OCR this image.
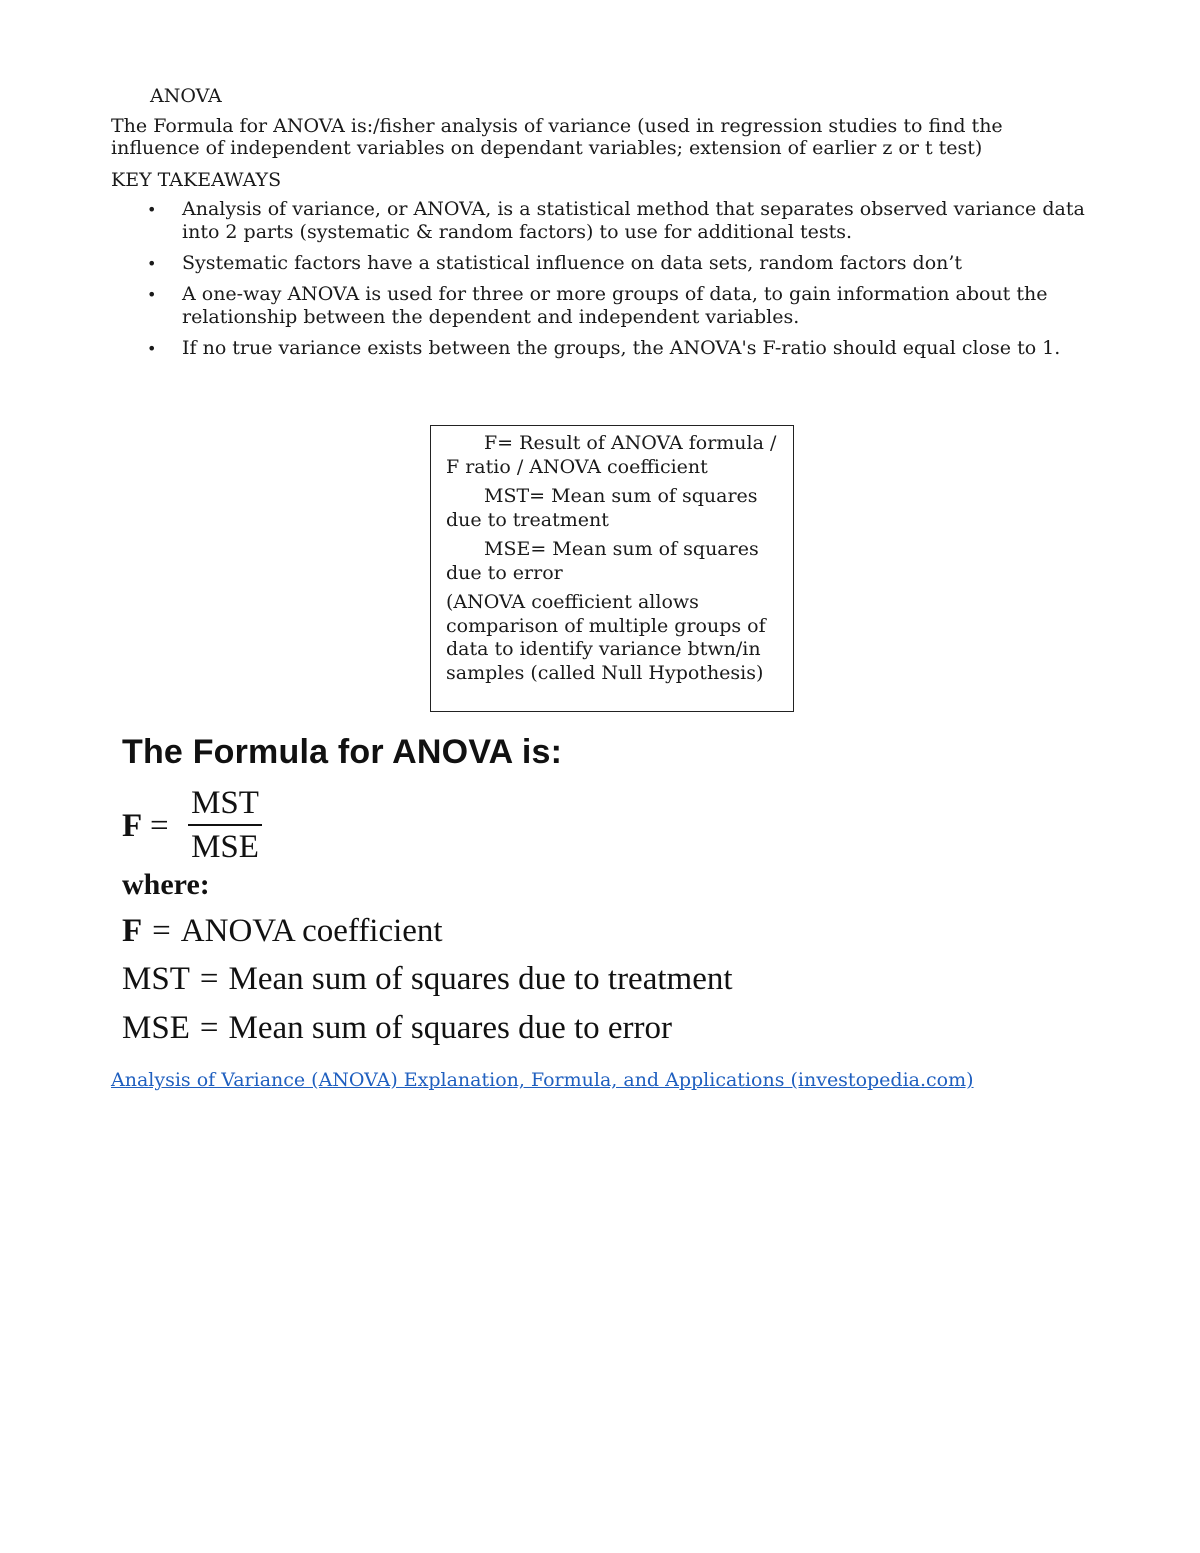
ANOVA

The Formula for ANOVA is:/fisher analysis of variance (used in regression studies to find the influence of independent variables on dependant variables; extension of earlier z or t test)

KEY TAKEAWAYS
• Analysis of variance, or ANOVA, is a statistical method that separates observed variance data into 2 parts (systematic & random factors) to use for additional tests.
• Systematic factors have a statistical influence on data sets, random factors don’t
• A one-way ANOVA is used for three or more groups of data, to gain information about the relationship between the dependent and independent variables.
• If no true variance exists between the groups, the ANOVA's F-ratio should equal close to 1.

F= Result of ANOVA formula / F ratio / ANOVA coefficient

MST= Mean sum of squares due to treatment

MSE= Mean sum of squares due to error

(ANOVA coefficient allows comparison of multiple groups of data to identify variance btwn/in samples (called Null Hypothesis)

The Formula for ANOVA is:
F =
MST
MSE
where:
F = ANOVA coefficient
MST = Mean sum of squares due to treatment
MSE = Mean sum of squares due to error
Analysis of Variance (ANOVA) Explanation, Formula, and Applications (investopedia.com)
